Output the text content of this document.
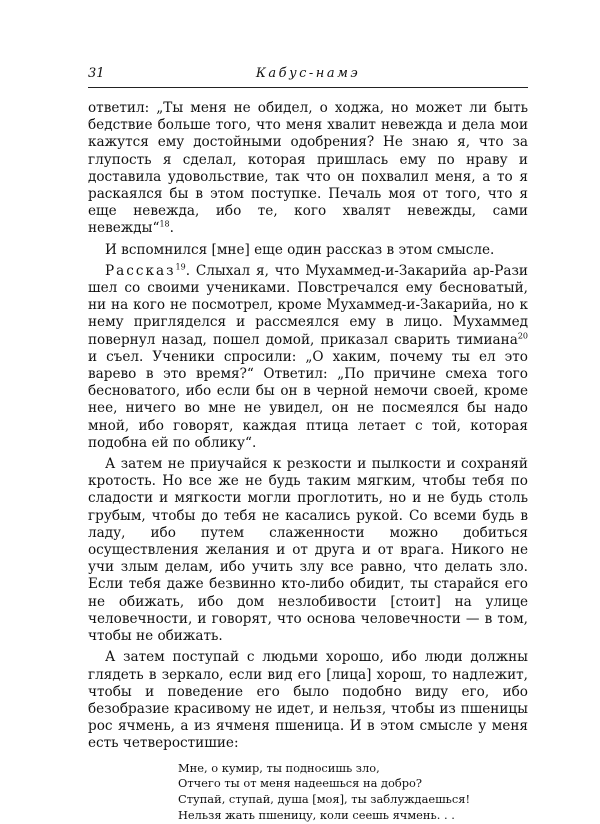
31	Кабус-намэ

ответил: „Ты меня не обидел, о ходжа, но может ли быть бедствие больше того, что меня хвалит невежда и дела мои кажутся ему достойными одобрения? Не знаю я, что за глупость я сделал, которая пришлась ему по нраву и доставила удовольствие, так что он похвалил меня, а то я раскаялся бы в этом поступке. Печаль моя от того, что я еще невежда, ибо те, кого хвалят невежды, сами невежды“$^{18}$.

И вспомнился [мне] еще один рассказ в этом смысле.

Рассказ$^{19}$. Слыхал я, что Мухаммед-и-Закарийа ар-Рази шел со своими учениками. Повстречался ему бесноватый, ни на кого не посмотрел, кроме Мухаммед-и-Закарийа, но к нему пригляделся и рассмеялся ему в лицо. Мухаммед повернул назад, пошел домой, приказал сварить тимиана$^{20}$ и съел. Ученики спросили: „О хаким, почему ты ел это варево в это время?“ Ответил: „По причине смеха того бесноватого, ибо если бы он в черной немочи своей, кроме нее, ничего во мне не увидел, он не посмеялся бы надо мной, ибо говорят, каждая птица летает с той, которая подобна ей по облику“.

А затем не приучайся к резкости и пылкости и сохраняй кротость. Но все же не будь таким мягким, чтобы тебя по сладости и мягкости могли проглотить, но и не будь столь грубым, чтобы до тебя не касались рукой. Со всеми будь в ладу, ибо путем слаженности можно добиться осуществления желания и от друга и от врага. Никого не учи злым делам, ибо учить злу все равно, что делать зло. Если тебя даже безвинно кто-либо обидит, ты старайся его не обижать, ибо дом незлобивости [стоит] на улице человечности, и говорят, что основа человечности — в том, чтобы не обижать.

А затем поступай с людьми хорошо, ибо люди должны глядеть в зеркало, если вид его [лица] хорош, то надлежит, чтобы и поведение его было подобно виду его, ибо безобразие красивому не идет, и нельзя, чтобы из пшеницы рос ячмень, а из ячменя пшеница. И в этом смысле у меня есть четверостишие:

Мне, о кумир, ты подносишь зло,
Отчего ты от меня надеешься на добро?
Ступай, ступай, душа [моя], ты заблуждаешься!
Нельзя жать пшеницу, коли сеешь ячмень. . .
